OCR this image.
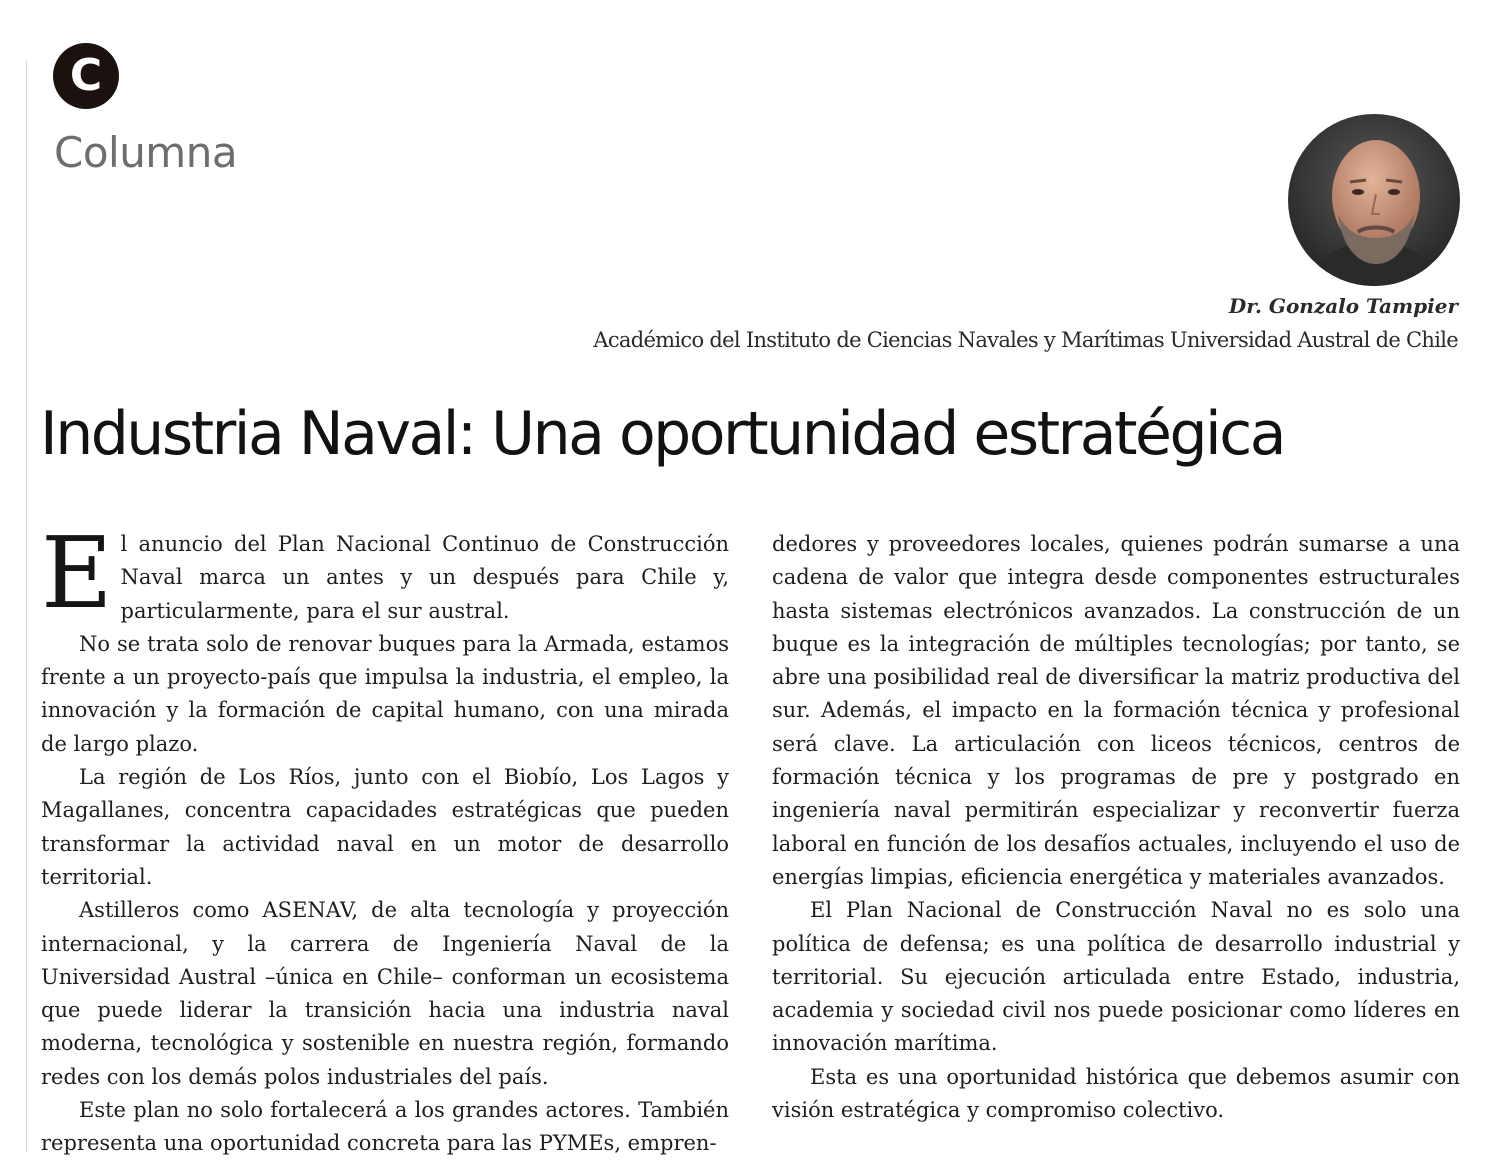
C
Columna
Dr. Gonzalo Tampier
Académico del Instituto de Ciencias Navales y Marítimas Universidad Austral de Chile
Industria Naval: Una oportunidad estratégica

El anuncio del Plan Nacional Continuo de Construcción Naval marca un antes y un después para Chile y, particularmente, para el sur austral.

No se trata solo de renovar buques para la Armada, estamos frente a un proyecto-país que impulsa la industria, el empleo, la innovación y la formación de capital humano, con una mirada de largo plazo.

La región de Los Ríos, junto con el Biobío, Los Lagos y Magallanes, concentra capacidades estratégicas que pueden transformar la actividad naval en un motor de desarrollo territorial.

Astilleros como ASENAV, de alta tecnología y proyección internacional, y la carrera de Ingeniería Naval de la Universidad Austral –única en Chile– conforman un ecosistema que puede liderar la transición hacia una industria naval moderna, tecnológica y sostenible en nuestra región, formando redes con los demás polos industriales del país.

Este plan no solo fortalecerá a los grandes actores. También representa una oportunidad concreta para las PYMEs, empren-

dedores y proveedores locales, quienes podrán sumarse a una cadena de valor que integra desde componentes estructurales hasta sistemas electrónicos avanzados. La construcción de un buque es la integración de múltiples tecnologías; por tanto, se abre una posibilidad real de diversificar la matriz productiva del sur. Además, el impacto en la formación técnica y profesional será clave. La articulación con liceos técnicos, centros de formación técnica y los programas de pre y postgrado en ingeniería naval permitirán especializar y reconvertir fuerza laboral en función de los desafíos actuales, incluyendo el uso de energías limpias, eficiencia energética y materiales avanzados.

El Plan Nacional de Construcción Naval no es solo una política de defensa; es una política de desarrollo industrial y territorial. Su ejecución articulada entre Estado, industria, academia y sociedad civil nos puede posicionar como líderes en innovación marítima.

Esta es una oportunidad histórica que debemos asumir con visión estratégica y compromiso colectivo.
